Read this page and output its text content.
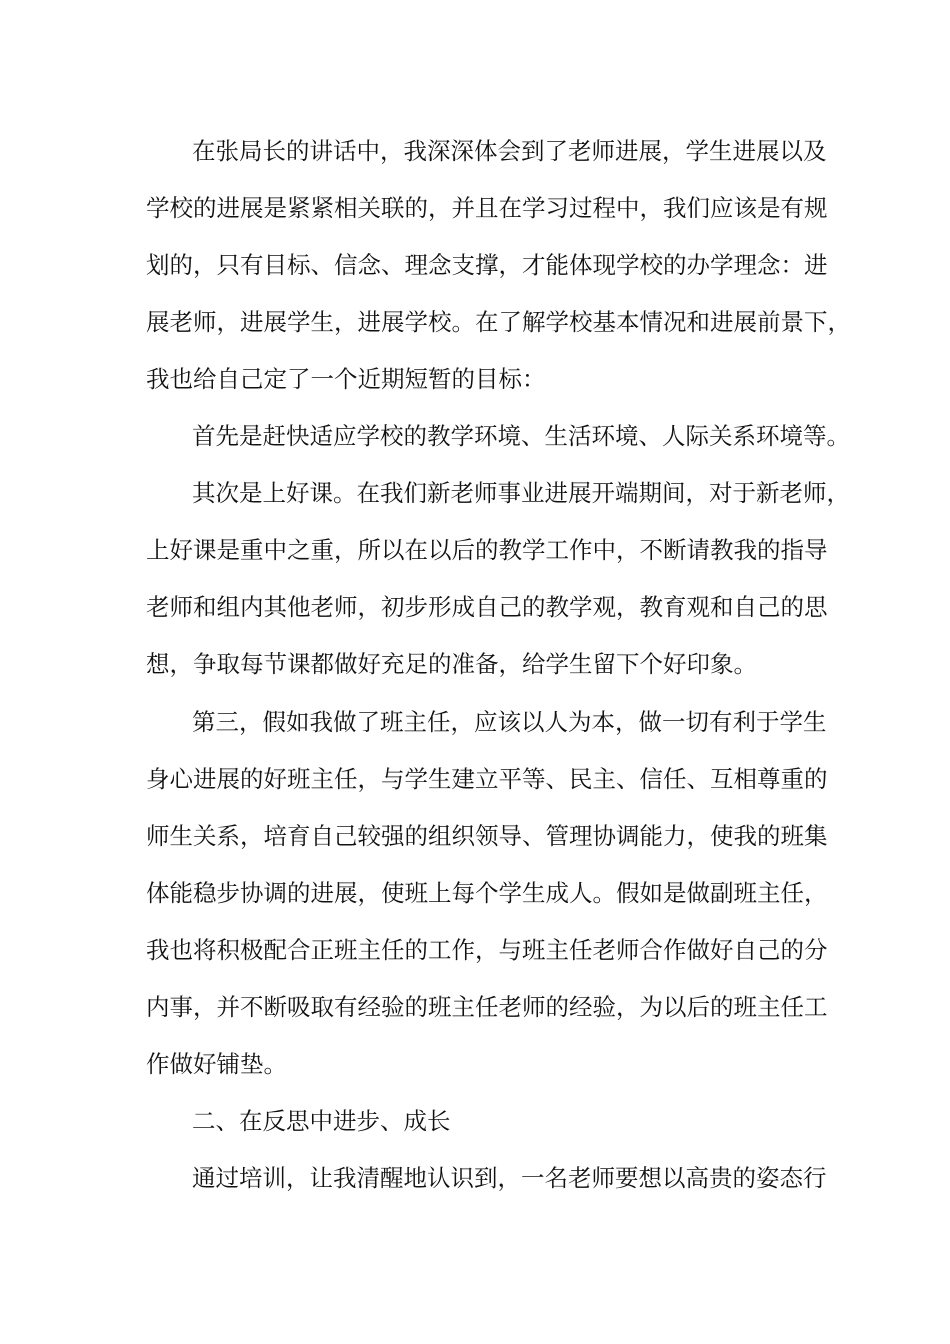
在张局长的讲话中，我深深体会到了老师进展，学生进展以及
学校的进展是紧紧相关联的，并且在学习过程中，我们应该是有规
划的，只有目标、信念、理念支撑，才能体现学校的办学理念：进
展老师，进展学生，进展学校。在了解学校基本情况和进展前景下，
我也给自己定了一个近期短暂的目标：
首先是赶快适应学校的教学环境、生活环境、人际关系环境等。
其次是上好课。在我们新老师事业进展开端期间，对于新老师，
上好课是重中之重，所以在以后的教学工作中，不断请教我的指导
老师和组内其他老师，初步形成自己的教学观，教育观和自己的思
想，争取每节课都做好充足的准备，给学生留下个好印象。
第三，假如我做了班主任，应该以人为本，做一切有利于学生
身心进展的好班主任，与学生建立平等、民主、信任、互相尊重的
师生关系，培育自己较强的组织领导、管理协调能力，使我的班集
体能稳步协调的进展，使班上每个学生成人。假如是做副班主任，
我也将积极配合正班主任的工作，与班主任老师合作做好自己的分
内事，并不断吸取有经验的班主任老师的经验，为以后的班主任工
作做好铺垫。
二、在反思中进步、成长
通过培训，让我清醒地认识到，一名老师要想以高贵的姿态行
